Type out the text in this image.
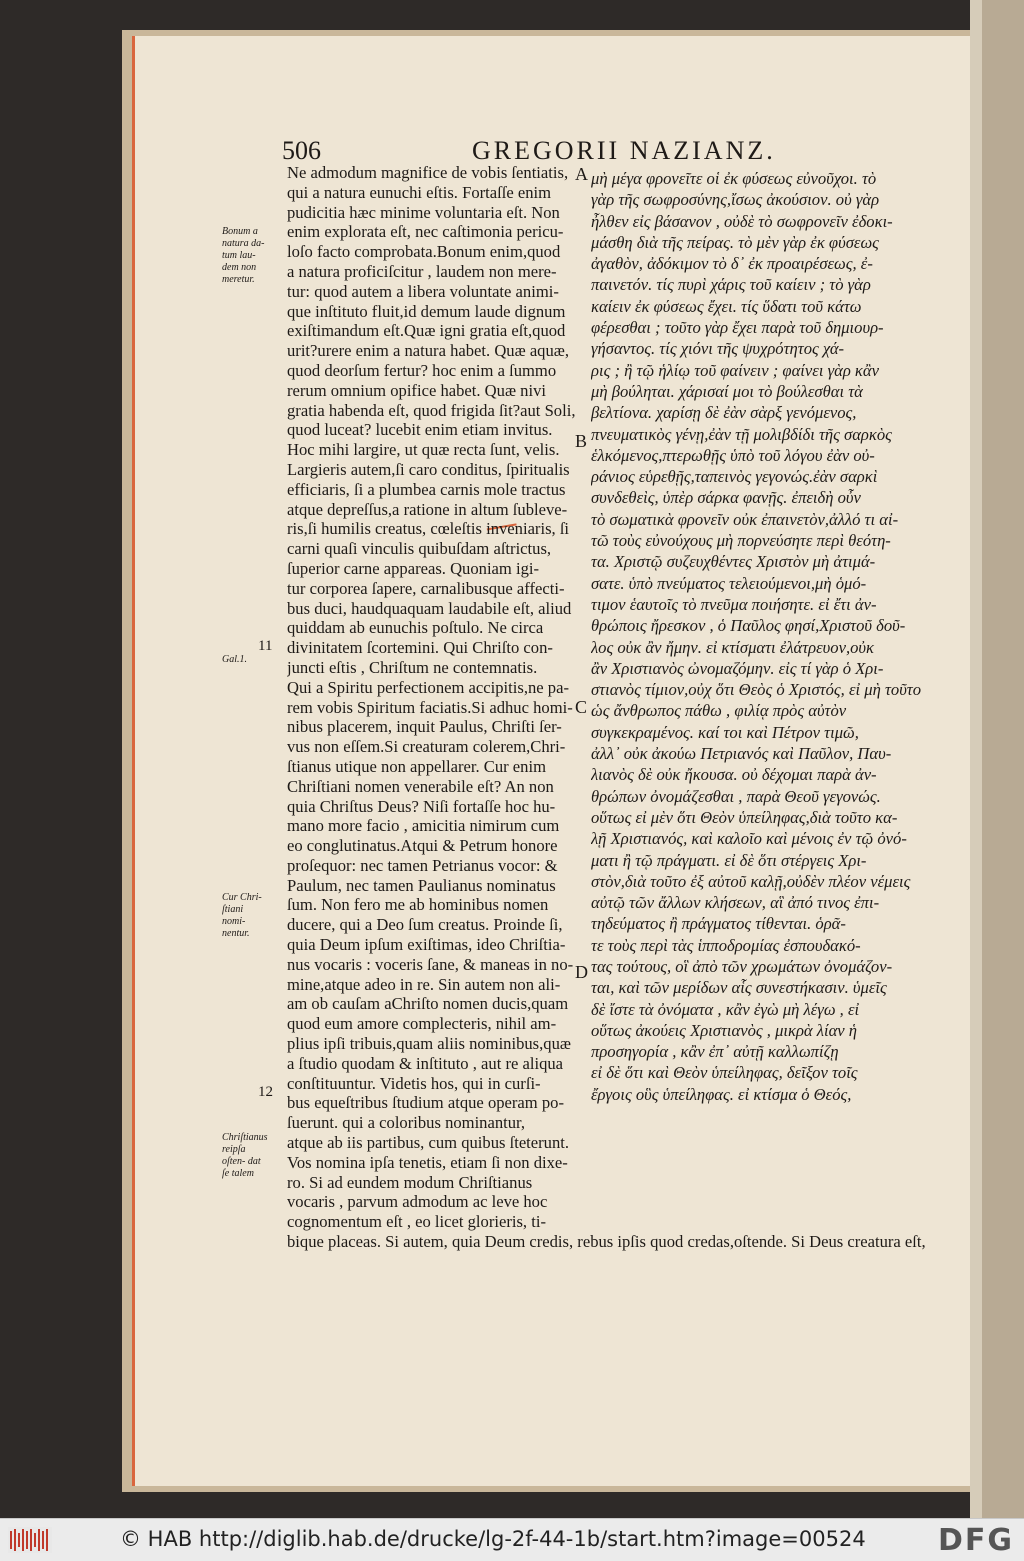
506	GREGORII NAZIANZ.
Bonum a
natura da-
tum lau-
dem non
meretur.
Gal.1.
Cur Chri-
ſtiani
nomi-
nentur.

Chriſtianus
reipſa
oſten- dat
ſe talem
11
12
A
B
C
D
Ne admodum magnifice de vobis ſentiatis,
qui a natura eunuchi eſtis. Fortaſſe enim
pudicitia hæc minime voluntaria eſt. Non
enim explorata eſt, nec caſtimonia pericu-
loſo facto comprobata.Bonum enim,quod
a natura proficiſcitur , laudem non mere-
tur: quod autem a libera voluntate animi-
que inſtituto fluit,id demum laude dignum
exiſtimandum eſt.Quæ igni gratia eſt,quod
urit?urere enim a natura habet. Quæ aquæ,
quod deorſum fertur? hoc enim a ſummo
rerum omnium opifice habet. Quæ nivi
gratia habenda eſt, quod frigida ſit?aut Soli,
quod luceat? lucebit enim etiam invitus.
Hoc mihi largire, ut quæ recta ſunt, velis.
Largieris autem,ſi caro conditus, ſpiritualis
efficiaris, ſi a plumbea carnis mole tractus
atque depreſſus,a ratione in altum ſubleve-
ris,ſi humilis creatus, cœleſtis inveniaris, ſi
carni quaſi vinculis quibuſdam aſtrictus,
ſuperior carne appareas. Quoniam igi-
tur corporea ſapere, carnalibusque affecti-
bus duci, haudquaquam laudabile eſt, aliud
quiddam ab eunuchis poſtulo. Ne circa
divinitatem ſcortemini. Qui Chriſto con-
juncti eſtis , Chriſtum ne contemnatis.
Qui a Spiritu perfectionem accipitis,ne pa-
rem vobis Spiritum faciatis.Si adhuc homi-
nibus placerem, inquit Paulus, Chriſti ſer-
vus non eſſem.Si creaturam colerem,Chri-
ſtianus utique non appellarer. Cur enim
Chriſtiani nomen venerabile eſt? An non
quia Chriſtus Deus? Niſi fortaſſe hoc hu-
mano more facio , amicitia nimirum cum
eo conglutinatus.Atqui & Petrum honore
proſequor: nec tamen Petrianus vocor: &
Paulum, nec tamen Paulianus nominatus
ſum. Non fero me ab hominibus nomen
ducere, qui a Deo ſum creatus. Proinde ſi,
quia Deum ipſum exiſtimas, ideo Chriſtia-
nus vocaris : voceris ſane, & maneas in no-
mine,atque adeo in re. Sin autem non ali-
am ob cauſam aChriſto nomen ducis,quam
quod eum amore complecteris, nihil am-
plius ipſi tribuis,quam aliis nominibus,quæ
a ſtudio quodam & inſtituto , aut re aliqua
conſtituuntur. Videtis hos, qui in curſi-
bus equeſtribus ſtudium atque operam po-
ſuerunt. qui a coloribus nominantur,
atque ab iis partibus, cum quibus ſteterunt.
Vos nomina ipſa tenetis, etiam ſi non dixe-
ro. Si ad eundem modum Chriſtianus
vocaris , parvum admodum ac leve hoc
cognomentum eſt , eo licet glorieris, ti-
bique placeas. Si autem, quia Deum credis, rebus ipſis quod credas,oſtende. Si Deus creatura eſt,
μὴ μέγα φρονεῖτε οἱ ἐκ φύσεως εὐνοῦχοι. τὸ
γὰρ τῆς σωφροσύνης,ἴσως ἀκούσιον. οὐ γὰρ
ἦλθεν εἰς βάσανον , οὐδὲ τὸ σωφρονεῖν ἐδοκι-
μάσθη διὰ τῆς πείρας. τὸ μὲν γὰρ ἐκ φύσεως
ἀγαθὸν, ἀδόκιμον τὸ δ᾽ ἐκ προαιρέσεως, ἐ-
παινετόν. τίς πυρὶ χάρις τοῦ καίειν ; τὸ γὰρ
καίειν ἐκ φύσεως ἔχει. τίς ὕδατι τοῦ κάτω
φέρεσθαι ; τοῦτο γὰρ ἔχει παρὰ τοῦ δημιουρ-
γήσαντος. τίς χιόνι τῆς ψυχρότητος χά-
ρις ; ἢ τῷ ἡλίῳ τοῦ φαίνειν ; φαίνει γὰρ κἂν
μὴ βούληται. χάρισαί μοι τὸ βούλεσθαι τὰ
βελτίονα. χαρίσῃ δὲ ἐὰν σὰρξ γενόμενος,
πνευματικὸς γένῃ,ἐὰν τῇ μολιβδίδι τῆς σαρκὸς
ἑλκόμενος,πτερωθῇς ὑπὸ τοῦ λόγου ἐὰν οὐ-
ράνιος εὑρεθῇς,ταπεινὸς γεγονώς.ἐὰν σαρκὶ
συνδεθεὶς, ὑπὲρ σάρκα φανῇς. ἐπειδὴ οὖν
τὸ σωματικὰ φρονεῖν οὐκ ἐπαινετὸν,ἀλλό τι αἰ-
τῶ τοὺς εὐνούχους μὴ πορνεύσητε περὶ θεότη-
τα. Χριστῷ συζευχθέντες Χριστὸν μὴ ἀτιμά-
σατε. ὑπὸ πνεύματος τελειούμενοι,μὴ ὁμό-
τιμον ἑαυτοῖς τὸ πνεῦμα ποιήσητε. εἰ ἔτι ἀν-
θρώποις ἤρεσκον , ὁ Παῦλος φησί,Χριστοῦ δοῦ-
λος οὐκ ἂν ἤμην. εἰ κτίσματι ἐλάτρευον,οὐκ
ἂν Χριστιανὸς ὠνομαζόμην. εἰς τί γὰρ ὁ Χρι-
στιανὸς τίμιον,οὐχ ὅτι Θεὸς ὁ Χριστός, εἰ μὴ τοῦτο
ὡς ἄνθρωπος πάθω , φιλίᾳ πρὸς αὐτὸν
συγκεκραμένος. καί τοι καὶ Πέτρον τιμῶ,
ἀλλ᾽ οὐκ ἀκούω Πετριανός καὶ Παῦλον, Παυ-
λιανὸς δὲ οὐκ ἤκουσα. οὐ δέχομαι παρὰ ἀν-
θρώπων ὀνομάζεσθαι , παρὰ Θεοῦ γεγονώς.
οὕτως εἰ μὲν ὅτι Θεὸν ὑπείληφας,διὰ τοῦτο κα-
λῇ Χριστιανός, καὶ καλοῖο καὶ μένοις ἐν τῷ ὀνό-
ματι ἢ τῷ πράγματι. εἰ δὲ ὅτι στέργεις Χρι-
στὸν,διὰ τοῦτο ἐξ αὐτοῦ καλῇ,οὐδὲν πλέον νέμεις
αὐτῷ τῶν ἄλλων κλήσεων, αἳ ἀπό τινος ἐπι-
τηδεύματος ἢ πράγματος τίθενται. ὁρᾶ-
τε τοὺς περὶ τὰς ἱπποδρομίας ἐσπουδακό-
τας τούτους, οἳ ἀπὸ τῶν χρωμάτων ὀνομάζον-
ται, καὶ τῶν μερίδων αἷς συνεστήκασιν. ὑμεῖς
δὲ ἴστε τὰ ὀνόματα , κἂν ἐγὼ μὴ λέγω , εἰ
οὕτως ἀκούεις Χριστιανὸς , μικρὰ λίαν ἡ
προσηγορία , κἂν ἐπ᾽ αὐτῇ καλλωπίζῃ
εἰ δὲ ὅτι καὶ Θεὸν ὑπείληφας, δεῖξον τοῖς
ἔργοις οὓς ὑπείληφας. εἰ κτίσμα ὁ Θεός,
© HAB http://diglib.hab.de/drucke/lg-2f-44-1b/start.htm?image=00524 DFG
